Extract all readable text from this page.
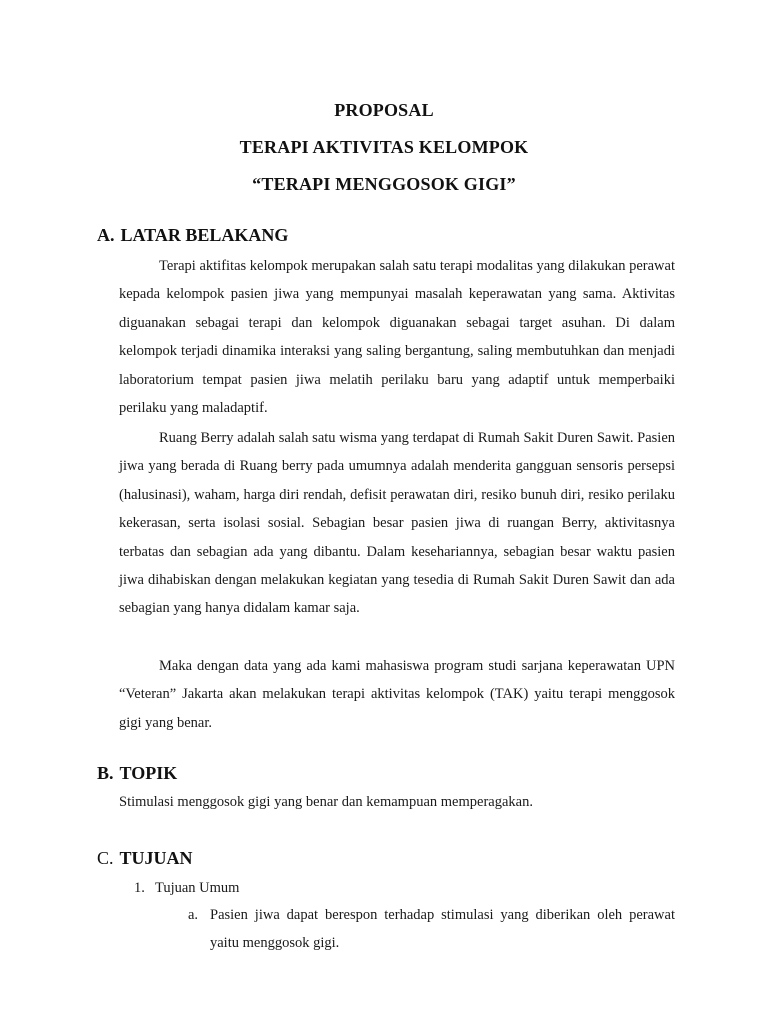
PROPOSAL
TERAPI AKTIVITAS KELOMPOK
“TERAPI MENGGOSOK GIGI”
A. LATAR BELAKANG

Terapi aktifitas kelompok merupakan salah satu terapi modalitas yang dilakukan perawat kepada kelompok pasien jiwa yang mempunyai masalah keperawatan yang sama. Aktivitas diguanakan sebagai terapi dan kelompok diguanakan sebagai target asuhan. Di dalam kelompok terjadi dinamika interaksi yang saling bergantung, saling membutuhkan dan menjadi laboratorium tempat pasien jiwa melatih perilaku baru yang adaptif untuk memperbaiki perilaku yang maladaptif.

Ruang Berry adalah salah satu wisma yang terdapat di Rumah Sakit Duren Sawit. Pasien jiwa yang berada di Ruang berry pada umumnya adalah menderita gangguan sensoris persepsi (halusinasi), waham, harga diri rendah, defisit perawatan diri, resiko bunuh diri, resiko perilaku kekerasan, serta isolasi sosial. Sebagian besar pasien jiwa di ruangan Berry, aktivitasnya terbatas dan sebagian ada yang dibantu. Dalam kesehariannya, sebagian besar waktu pasien jiwa dihabiskan dengan melakukan kegiatan yang tesedia di Rumah Sakit Duren Sawit dan ada sebagian yang hanya didalam kamar saja.

Maka dengan data yang ada kami mahasiswa program studi sarjana keperawatan UPN “Veteran” Jakarta akan melakukan terapi aktivitas kelompok (TAK) yaitu terapi menggosok gigi yang benar.

B. TOPIK

Stimulasi menggosok gigi yang benar dan kemampuan memperagakan.

C. TUJUAN
1. Tujuan Umum
a. Pasien jiwa dapat berespon terhadap stimulasi yang diberikan oleh perawat yaitu menggosok gigi.
